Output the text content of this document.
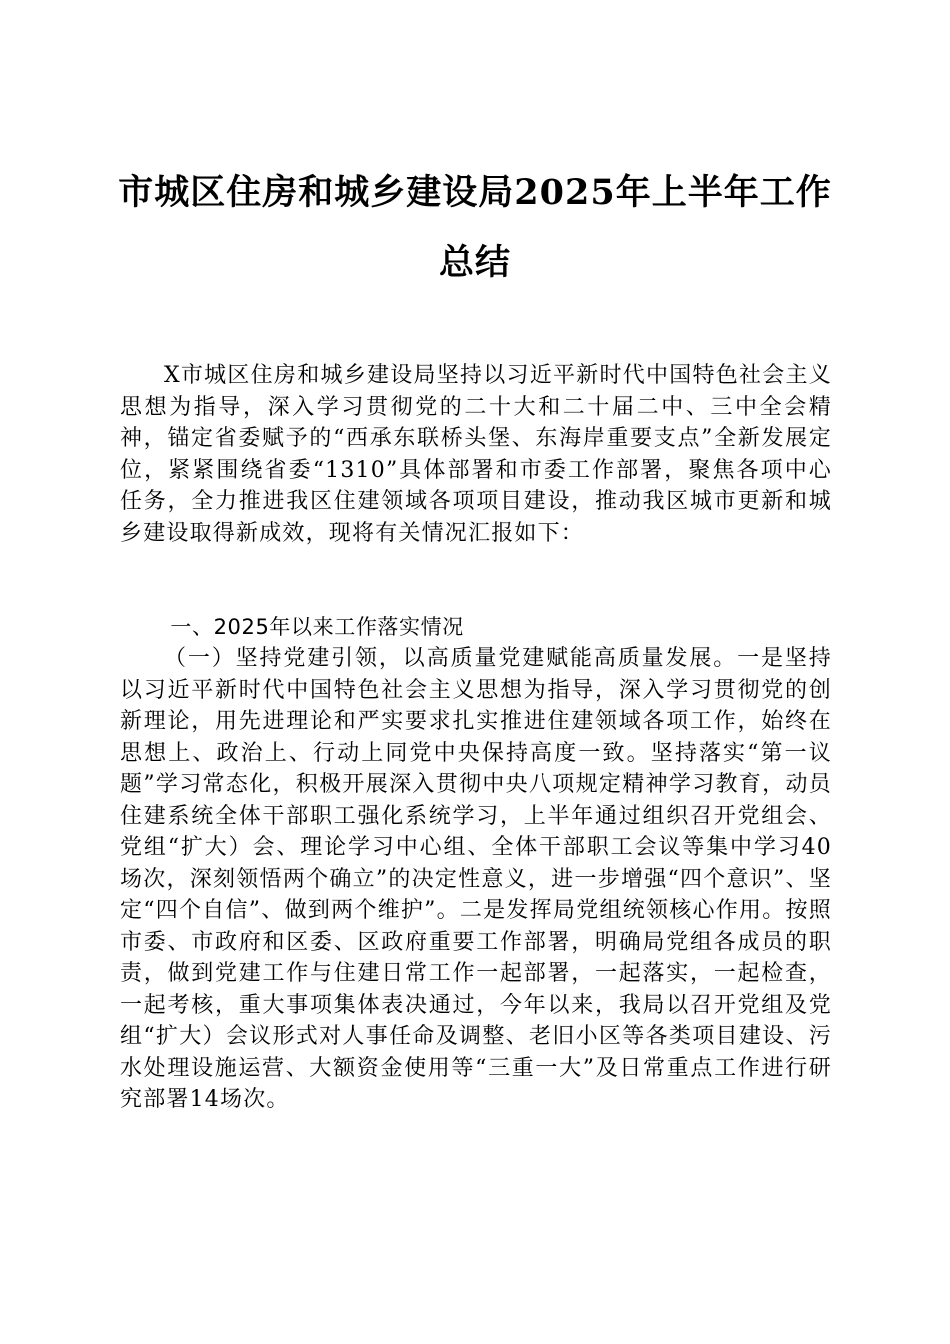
市城区住房和城乡建设局2025年上半年工作
总结

X市城区住房和城乡建设局坚持以习近平新时代中国特色社会主义思想为指导，深入学习贯彻党的二十大和二十届二中、三中全会精神，锚定省委赋予的“西承东联桥头堡、东海岸重要支点”全新发展定位，紧紧围绕省委“1310”具体部署和市委工作部署，聚焦各项中心任务，全力推进我区住建领域各项项目建设，推动我区城市更新和城乡建设取得新成效，现将有关情况汇报如下：

一、2025年以来工作落实情况

（一）坚持党建引领，以高质量党建赋能高质量发展。一是坚持以习近平新时代中国特色社会主义思想为指导，深入学习贯彻党的创新理论，用先进理论和严实要求扎实推进住建领域各项工作，始终在思想上、政治上、行动上同党中央保持高度一致。坚持落实“第一议题”学习常态化，积极开展深入贯彻中央八项规定精神学习教育，动员住建系统全体干部职工强化系统学习，上半年通过组织召开党组会、党组“扩大）会、理论学习中心组、全体干部职工会议等集中学习40场次，深刻领悟两个确立”的决定性意义，进一步增强“四个意识”、坚定“四个自信”、做到两个维护”。二是发挥局党组统领核心作用。按照市委、市政府和区委、区政府重要工作部署，明确局党组各成员的职责，做到党建工作与住建日常工作一起部署，一起落实，一起检查，一起考核，重大事项集体表决通过，今年以来，我局以召开党组及党组“扩大）会议形式对人事任命及调整、老旧小区等各类项目建设、污水处理设施运营、大额资金使用等“三重一大”及日常重点工作进行研究部署14场次。
